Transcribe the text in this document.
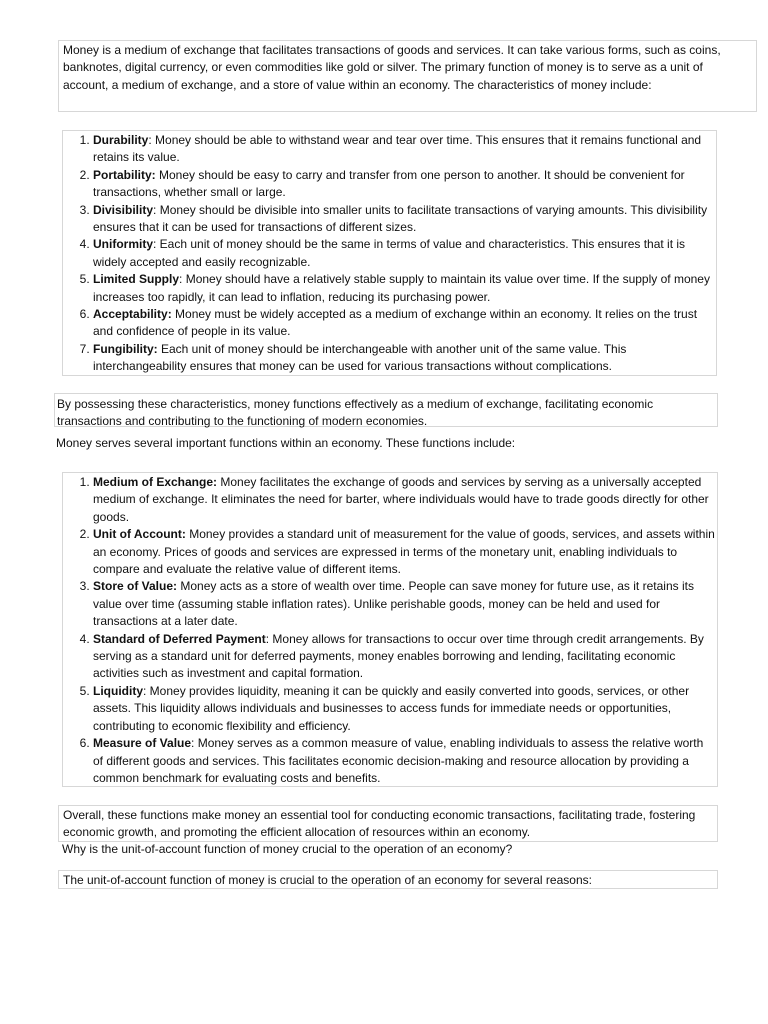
Money is a medium of exchange that facilitates transactions of goods and services. It can take various forms, such as coins, banknotes, digital currency, or even commodities like gold or silver. The primary function of money is to serve as a unit of account, a medium of exchange, and a store of value within an economy. The characteristics of money include:

1. Durability: Money should be able to withstand wear and tear over time. This ensures that it remains functional and retains its value.
2. Portability: Money should be easy to carry and transfer from one person to another. It should be convenient for transactions, whether small or large.
3. Divisibility: Money should be divisible into smaller units to facilitate transactions of varying amounts. This divisibility ensures that it can be used for transactions of different sizes.
4. Uniformity: Each unit of money should be the same in terms of value and characteristics. This ensures that it is widely accepted and easily recognizable.
5. Limited Supply: Money should have a relatively stable supply to maintain its value over time. If the supply of money increases too rapidly, it can lead to inflation, reducing its purchasing power.
6. Acceptability: Money must be widely accepted as a medium of exchange within an economy. It relies on the trust and confidence of people in its value.
7. Fungibility: Each unit of money should be interchangeable with another unit of the same value. This interchangeability ensures that money can be used for various transactions without complications.

By possessing these characteristics, money functions effectively as a medium of exchange, facilitating economic transactions and contributing to the functioning of modern economies.

Money serves several important functions within an economy. These functions include:

1. Medium of Exchange: Money facilitates the exchange of goods and services by serving as a universally accepted medium of exchange. It eliminates the need for barter, where individuals would have to trade goods directly for other goods.
2. Unit of Account: Money provides a standard unit of measurement for the value of goods, services, and assets within an economy. Prices of goods and services are expressed in terms of the monetary unit, enabling individuals to compare and evaluate the relative value of different items.
3. Store of Value: Money acts as a store of wealth over time. People can save money for future use, as it retains its value over time (assuming stable inflation rates). Unlike perishable goods, money can be held and used for transactions at a later date.
4. Standard of Deferred Payment: Money allows for transactions to occur over time through credit arrangements. By serving as a standard unit for deferred payments, money enables borrowing and lending, facilitating economic activities such as investment and capital formation.
5. Liquidity: Money provides liquidity, meaning it can be quickly and easily converted into goods, services, or other assets. This liquidity allows individuals and businesses to access funds for immediate needs or opportunities, contributing to economic flexibility and efficiency.
6. Measure of Value: Money serves as a common measure of value, enabling individuals to assess the relative worth of different goods and services. This facilitates economic decision-making and resource allocation by providing a common benchmark for evaluating costs and benefits.

Overall, these functions make money an essential tool for conducting economic transactions, facilitating trade, fostering economic growth, and promoting the efficient allocation of resources within an economy.

Why is the unit-of-account function of money crucial to the operation of an economy?

The unit-of-account function of money is crucial to the operation of an economy for several reasons:
